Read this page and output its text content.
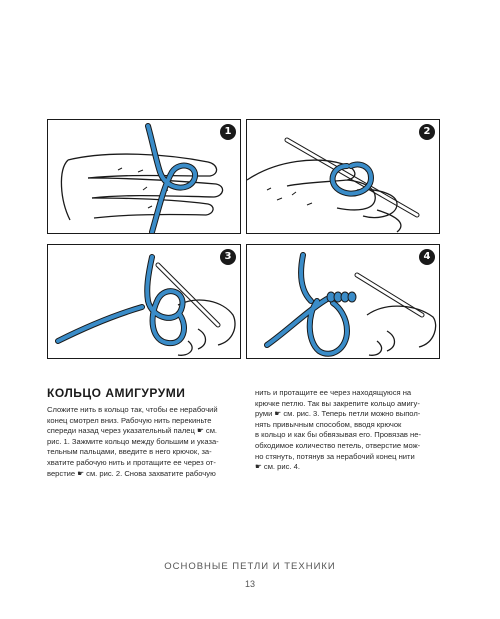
1	2
3	4
КОЛЬЦО АМИГУРУМИ

Сложите нить в кольцо так, чтобы ее нерабочий

конец смотрел вниз. Рабочую нить перекиньте

спереди назад через указательный палец ☛ см.

рис. 1. Зажмите кольцо между большим и указа-

тельным пальцами, введите в него крючок, за-

хватите рабочую нить и протащите ее через от-

верстие ☛ см. рис. 2. Снова захватите рабочую

нить и протащите ее через находящуюся на

крючке петлю. Так вы закрепите кольцо амигу-

руми ☛ см. рис. 3. Теперь петли можно выпол-

нять привычным способом, вводя крючок

в кольцо и как бы обвязывая его. Провязав не-

обходимое количество петель, отверстие мож-

но стянуть, потянув за нерабочий конец нити

☛ см. рис. 4.

ОСНОВНЫЕ ПЕТЛИ И ТЕХНИКИ
13
